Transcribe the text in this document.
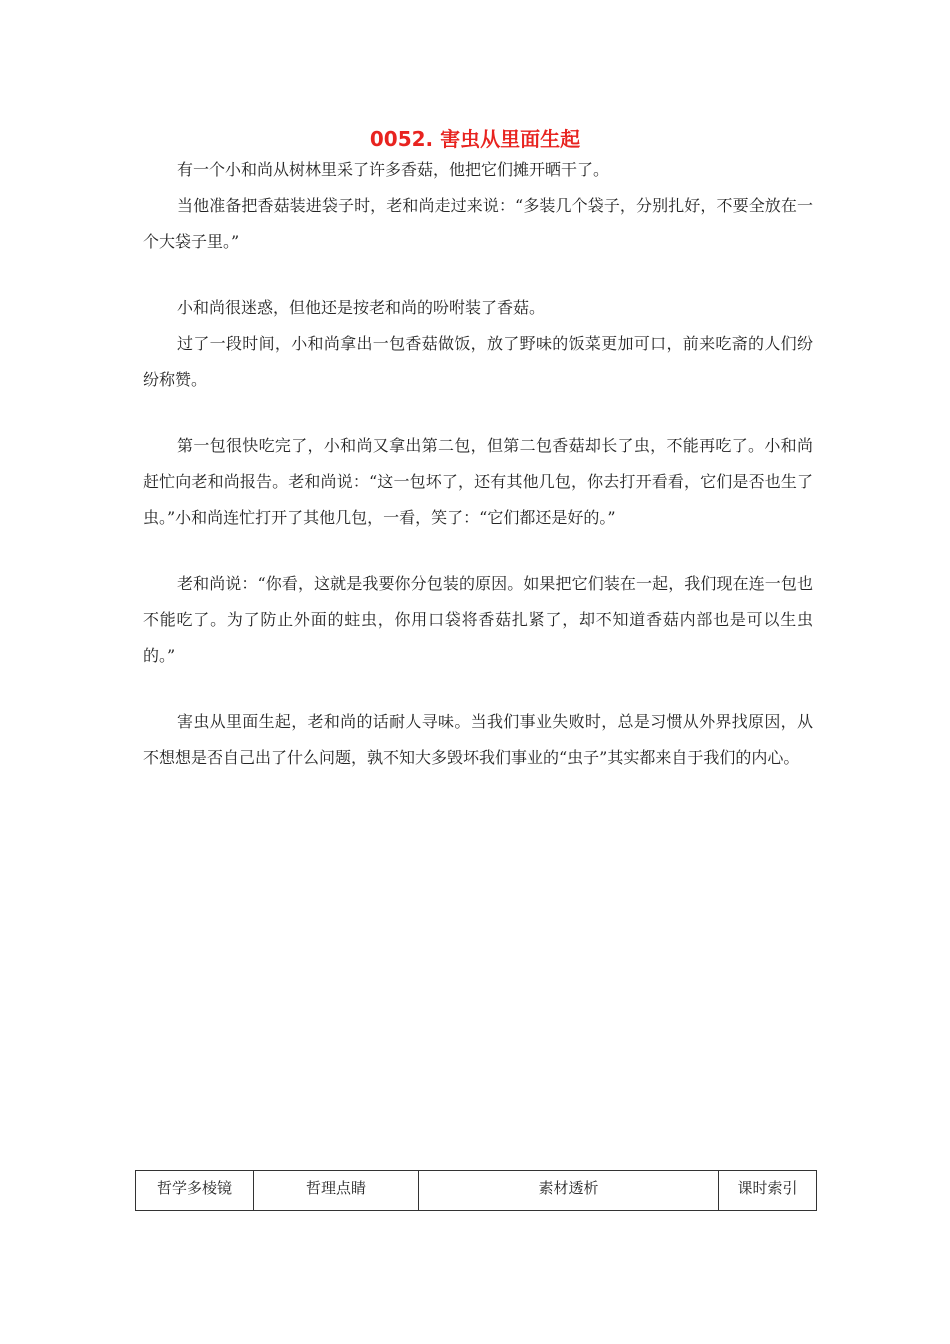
0052. 害虫从里面生起

有一个小和尚从树林里采了许多香菇，他把它们摊开晒干了。

当他准备把香菇装进袋子时，老和尚走过来说：“多装几个袋子，分别扎好，不要全放在一个大袋子里。”

小和尚很迷惑，但他还是按老和尚的吩咐装了香菇。

过了一段时间，小和尚拿出一包香菇做饭，放了野味的饭菜更加可口，前来吃斋的人们纷纷称赞。

第一包很快吃完了，小和尚又拿出第二包，但第二包香菇却长了虫，不能再吃了。小和尚赶忙向老和尚报告。老和尚说：“这一包坏了，还有其他几包，你去打开看看，它们是否也生了虫。”小和尚连忙打开了其他几包，一看，笑了：“它们都还是好的。”

老和尚说：“你看，这就是我要你分包装的原因。如果把它们装在一起，我们现在连一包也不能吃了。为了防止外面的蛀虫，你用口袋将香菇扎紧了，却不知道香菇内部也是可以生虫的。”

害虫从里面生起，老和尚的话耐人寻味。当我们事业失败时，总是习惯从外界找原因，从不想想是否自己出了什么问题，孰不知大多毁坏我们事业的“虫子”其实都来自于我们的内心。

哲学多棱镜	哲理点睛	素材透析	课时索引
